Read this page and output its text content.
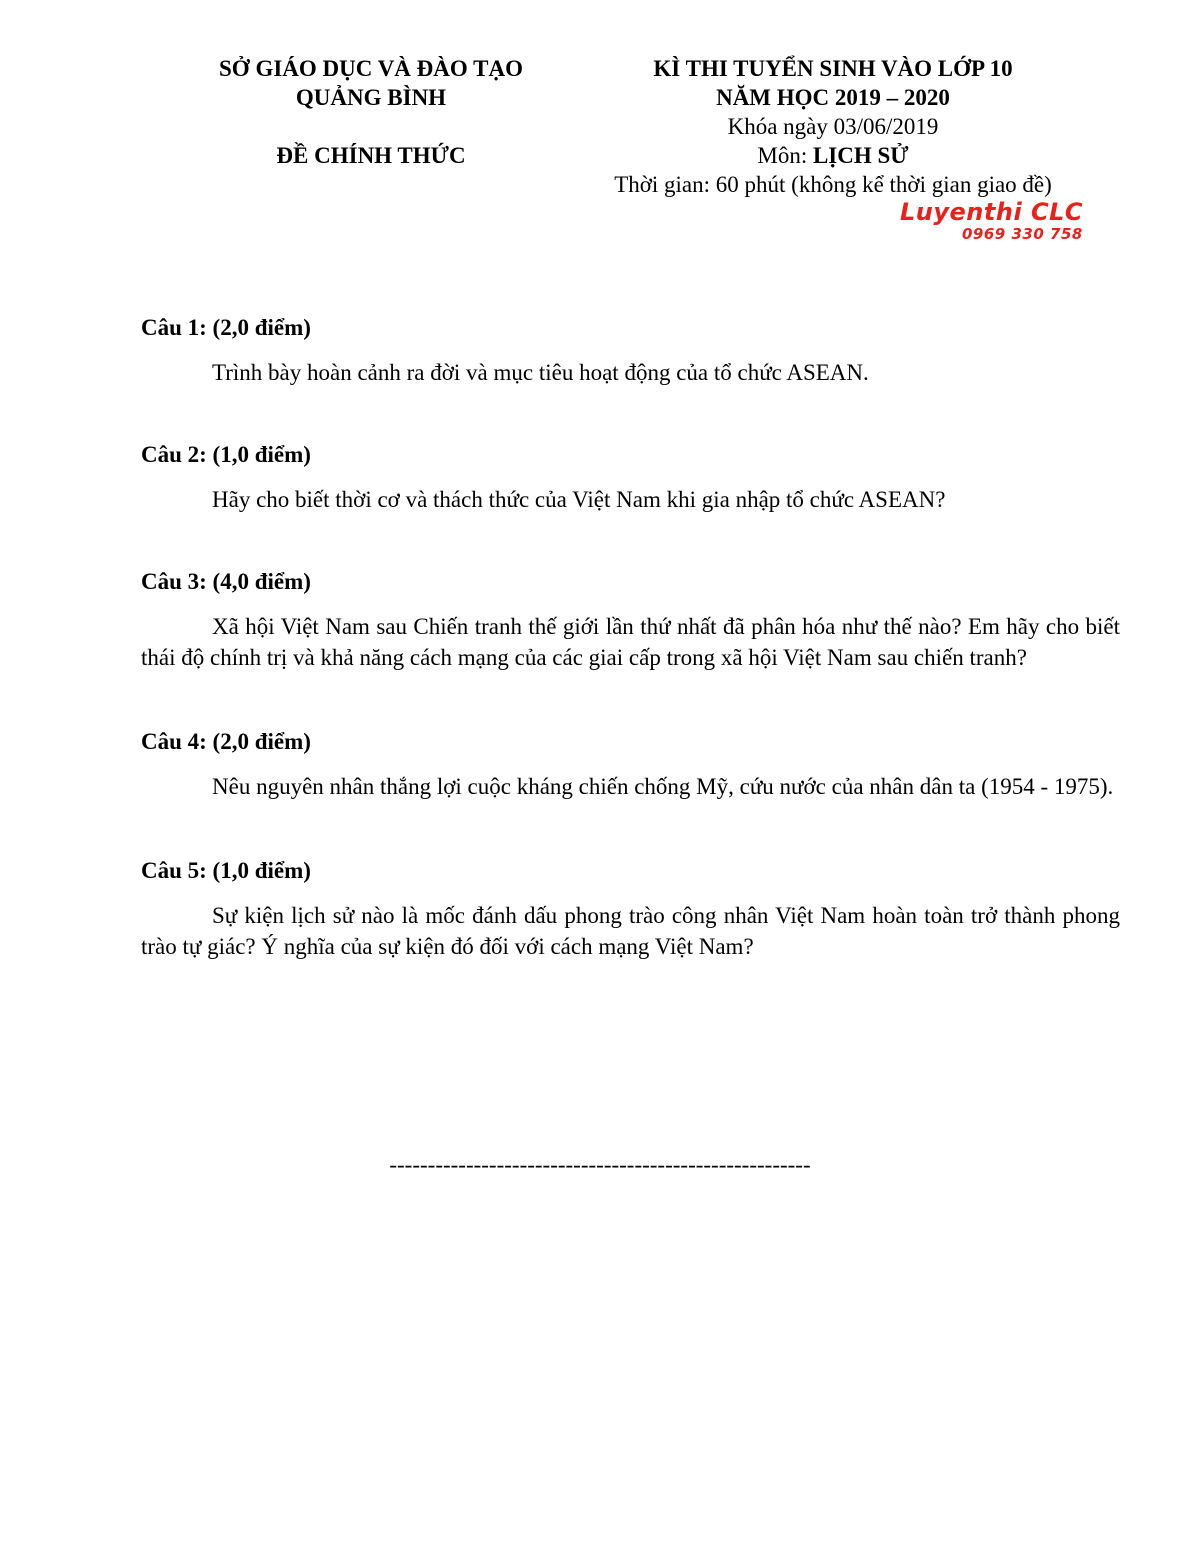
SỞ GIÁO DỤC VÀ ĐÀO TẠO
QUẢNG BÌNH
ĐỀ CHÍNH THỨC
KÌ THI TUYỂN SINH VÀO LỚP 10
NĂM HỌC 2019 – 2020
Khóa ngày 03/06/2019
Môn: LỊCH SỬ
Thời gian: 60 phút (không kể thời gian giao đề)
Luyenthi CLC
0969 330 758

Câu 1: (2,0 điểm)

Trình bày hoàn cảnh ra đời và mục tiêu hoạt động của tổ chức ASEAN.

Câu 2: (1,0 điểm)

Hãy cho biết thời cơ và thách thức của Việt Nam khi gia nhập tổ chức ASEAN?

Câu 3: (4,0 điểm)

Xã hội Việt Nam sau Chiến tranh thế giới lần thứ nhất đã phân hóa như thế nào? Em hãy cho biết thái độ chính trị và khả năng cách mạng của các giai cấp trong xã hội Việt Nam sau chiến tranh?

Câu 4: (2,0 điểm)

Nêu nguyên nhân thắng lợi cuộc kháng chiến chống Mỹ, cứu nước của nhân dân ta (1954 - 1975).

Câu 5: (1,0 điểm)

Sự kiện lịch sử nào là mốc đánh dấu phong trào công nhân Việt Nam hoàn toàn trở thành phong trào tự giác? Ý nghĩa của sự kiện đó đối với cách mạng Việt Nam?

-------------------------------------------------------
